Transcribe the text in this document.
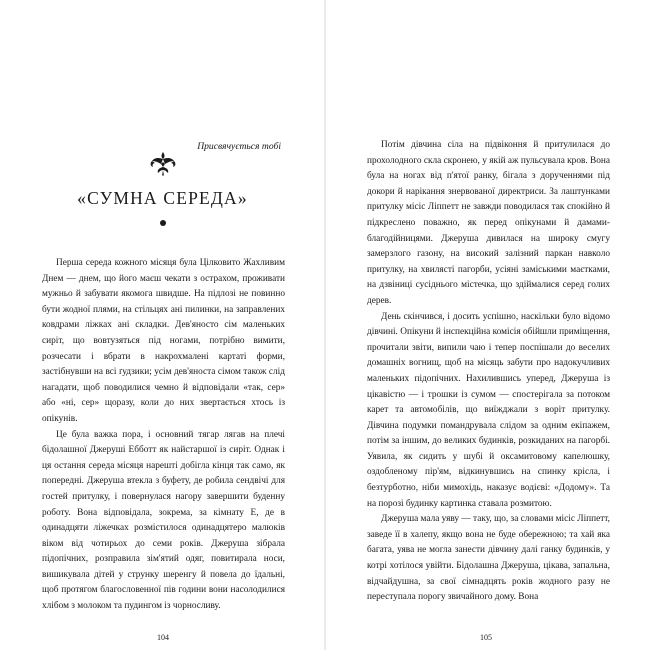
Присвячується тобі
«СУМНА СЕРЕДА»

Перша середа кожного місяця була Цілковито Жахливим Днем — днем, що його маєш чекати з острахом, проживати мужньо й забувати якомога швидше. На підлозі не повинно бути жодної плями, на стільцях ані пилинки, на заправлених ковдрами ліжках ані складки. Дев'яносто сім маленьких сиріт, що вовтузяться під ногами, потрібно вимити, розчесати і вбрати в накрохмалені картаті форми, застібнувши на всі ґудзики; усім дев'яноста сімом також слід нагадати, щоб поводилися чемно й відповідали «так, сер» або «ні, сер» щоразу, коли до них звертається хтось із опікунів.

Це була важка пора, і основний тягар лягав на плечі бідолашної Джеруші Ебботт як найстаршої із сиріт. Однак і ця остання середа місяця нарешті добігла кінця так само, як попередні. Джеруша втекла з буфету, де робила сендвічі для гостей притулку, і повернулася нагору завершити буденну роботу. Вона відповідала, зокрема, за кімнату Е, де в одинадцяти ліжечках розмістилося одинадцятеро малюків віком від чотирьох до семи років. Джеруша зібрала підопічних, розправила зім'ятий одяг, повитирала носи, вишикувала дітей у струнку шеренгу й повела до їдальні, щоб протягом благословенної пів години вони насолодилися хлібом з молоком та пудингом із чорносливу.

104

Потім дівчина сіла на підвіконня й притулилася до прохолодного скла скронею, у якій аж пульсувала кров. Вона була на ногах від п'ятої ранку, бігала з дорученнями під докори й нарікання знервованої директриси. За лаштунками притулку місіс Ліппетт не завжди поводилася так спокійно й підкреслено поважно, як перед опікунами й дамами-благодійницями. Джеруша дивилася на широку смугу замерзлого газону, на високий залізний паркан навколо притулку, на хвилясті пагорби, усіяні заміськими маєтками, на дзвіниці сусіднього містечка, що здіймалися серед голих дерев.

День скінчився, і досить успішно, наскільки було відомо дівчині. Опікуни й інспекційна комісія обійшли приміщення, прочитали звіти, випили чаю і тепер поспішали до веселих домашніх вогнищ, щоб на місяць забути про надокучливих маленьких підопічних. Нахилившись уперед, Джеруша із цікавістю — і трошки із сумом — спостерігала за потоком карет та автомобілів, що виїжджали з воріт притулку. Дівчина подумки помандрувала слідом за одним екіпажем, потім за іншим, до великих будинків, розкиданих на пагорбі. Уявила, як сидить у шубі й оксамитовому капелюшку, оздобленому пір'ям, відкинувшись на спинку крісла, і безтурботно, ніби мимохідь, наказує водієві: «Додому». Та на порозі будинку картинка ставала розмитою.

Джеруша мала уяву — таку, що, за словами місіс Ліппетт, заведе її в халепу, якщо вона не буде обережною; та хай яка багата, уява не могла занести дівчину далі ганку будинків, у котрі хотілося увійти. Бідолашна Джеруша, цікава, запальна, відчайдушна, за свої сімнадцять років жодного разу не переступала порогу звичайного дому. Вона

105
